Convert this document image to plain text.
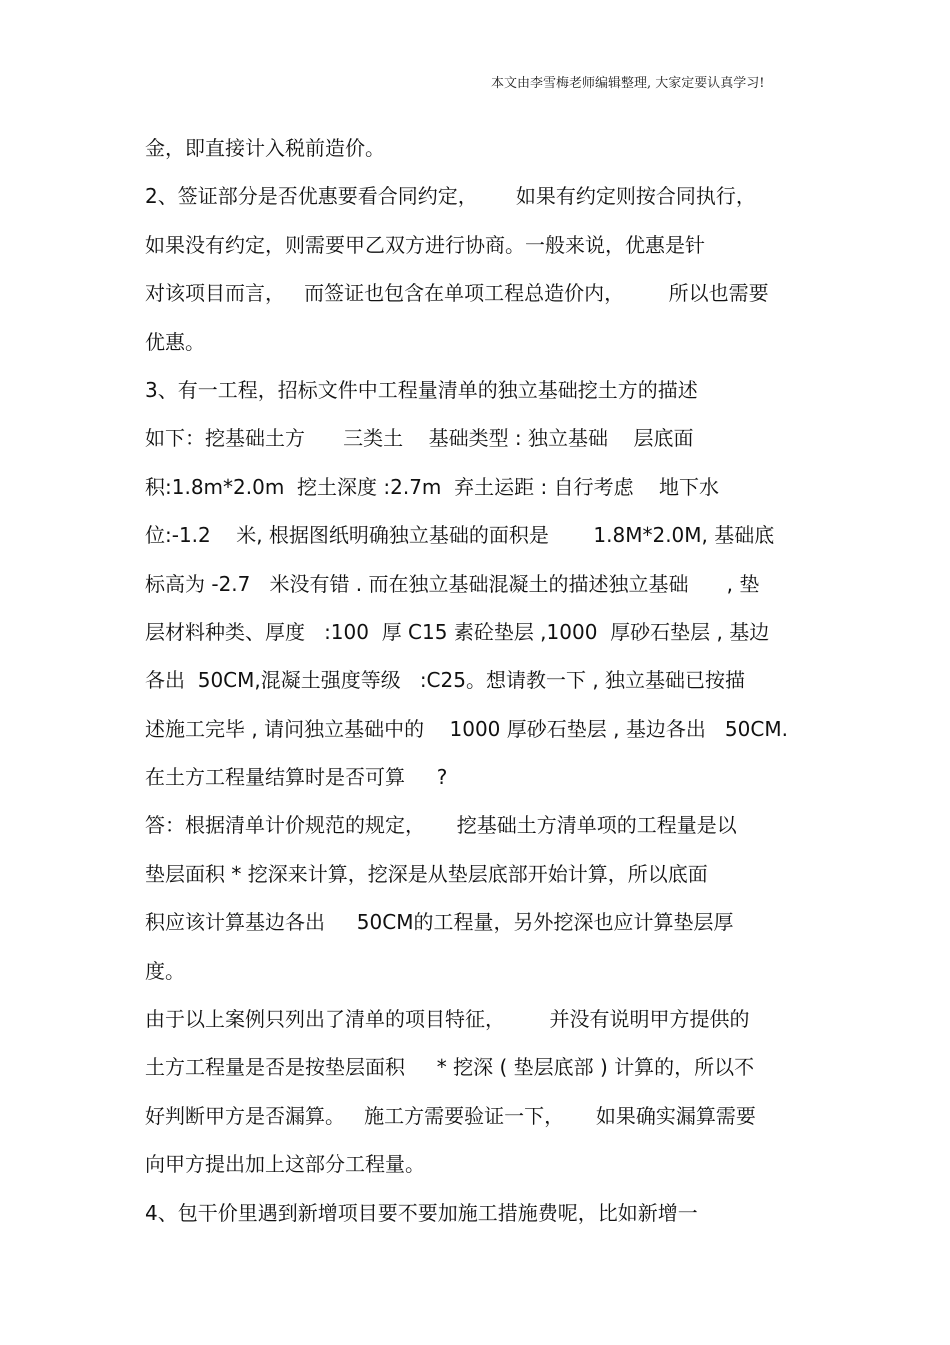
本文由李雪梅老师编辑整理, 大家定要认真学习!
金，即直接计入税前造价。
2、签证部分是否优惠要看合同约定，      如果有约定则按合同执行，
如果没有约定，则需要甲乙双方进行协商。一般来说，优惠是针
对该项目而言，   而签证也包含在单项工程总造价内，       所以也需要
优惠。
3、有一工程，招标文件中工程量清单的独立基础挖土方的描述
如下：挖基础土方      三类土    基础类型 : 独立基础    层底面
积:1.8m*2.0m  挖土深度 :2.7m  弃土运距 : 自行考虑    地下水
位:-1.2    米, 根据图纸明确独立基础的面积是       1.8M*2.0M, 基础底
标高为 -2.7   米没有错 . 而在独立基础混凝土的描述独立基础      , 垫
层材料种类、厚度   :100  厚 C15 素砼垫层 ,1000  厚砂石垫层 , 基边
各出  50CM,混凝土强度等级   :C25。想请教一下 , 独立基础已按描
述施工完毕 , 请问独立基础中的    1000 厚砂石垫层 , 基边各出   50CM.
在土方工程量结算时是否可算     ?
答：根据清单计价规范的规定，     挖基础土方清单项的工程量是以
垫层面积 * 挖深来计算，挖深是从垫层底部开始计算，所以底面
积应该计算基边各出     50CM的工程量，另外挖深也应计算垫层厚
度。
由于以上案例只列出了清单的项目特征，       并没有说明甲方提供的
土方工程量是否是按垫层面积     * 挖深 ( 垫层底部 ) 计算的，所以不
好判断甲方是否漏算。   施工方需要验证一下，     如果确实漏算需要
向甲方提出加上这部分工程量。
4、包干价里遇到新增项目要不要加施工措施费呢，比如新增一
